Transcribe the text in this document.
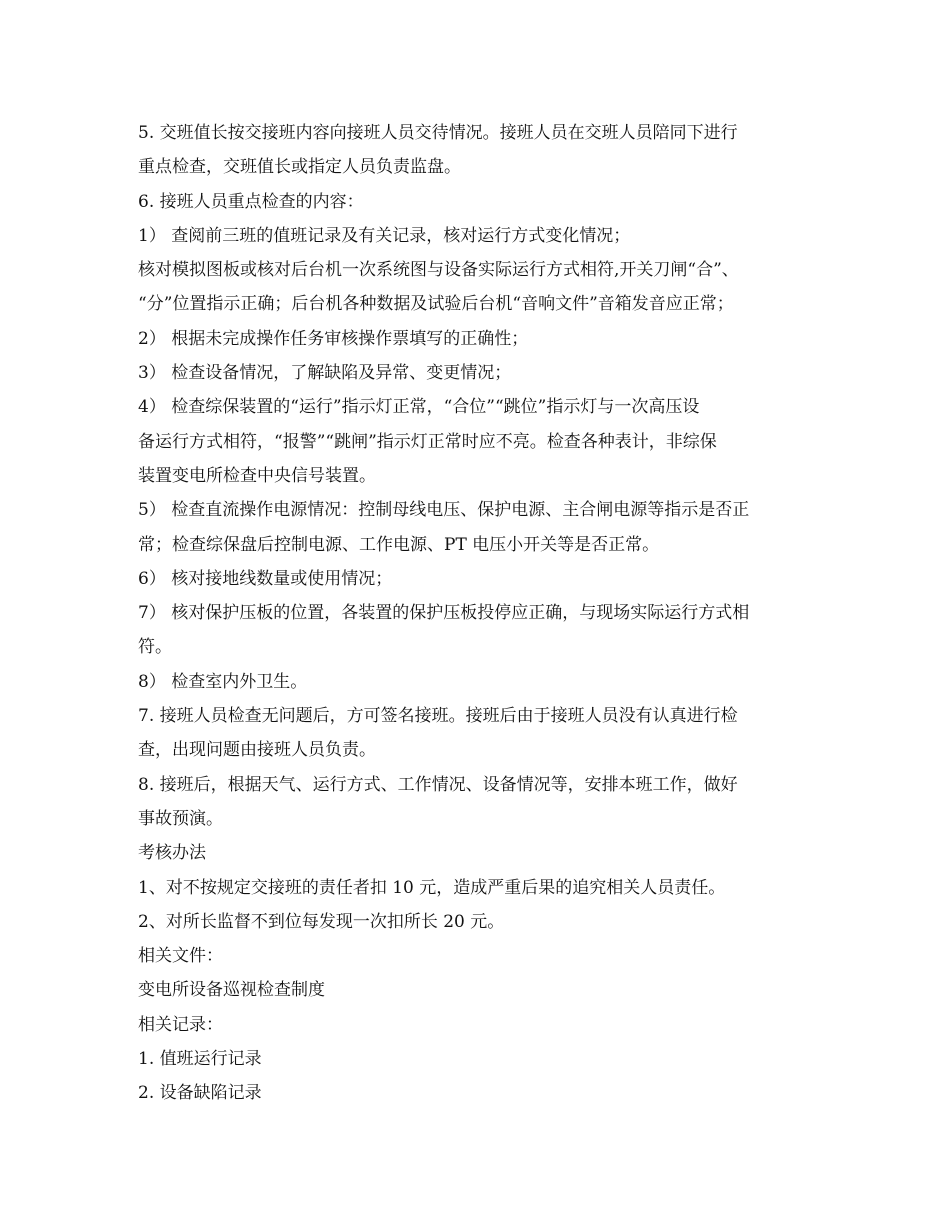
5. 交班值长按交接班内容向接班人员交待情况。接班人员在交班人员陪同下进行
重点检查，交班值长或指定人员负责监盘。
6. 接班人员重点检查的内容：
1） 查阅前三班的值班记录及有关记录，核对运行方式变化情况；
核对模拟图板或核对后台机一次系统图与设备实际运行方式相符,开关刀闸“合”、
“分”位置指示正确；后台机各种数据及试验后台机“音响文件”音箱发音应正常；
2） 根据未完成操作任务审核操作票填写的正确性；
3） 检查设备情况，了解缺陷及异常、变更情况；
4） 检查综保装置的“运行”指示灯正常，“合位”“跳位”指示灯与一次高压设
备运行方式相符，“报警”“跳闸”指示灯正常时应不亮。检查各种表计，非综保
装置变电所检查中央信号装置。
5） 检查直流操作电源情况：控制母线电压、保护电源、主合闸电源等指示是否正
常；检查综保盘后控制电源、工作电源、PT 电压小开关等是否正常。
6） 核对接地线数量或使用情况；
7） 核对保护压板的位置，各装置的保护压板投停应正确，与现场实际运行方式相
符。
8） 检查室内外卫生。
7. 接班人员检查无问题后，方可签名接班。接班后由于接班人员没有认真进行检
查，出现问题由接班人员负责。
8. 接班后，根据天气、运行方式、工作情况、设备情况等，安排本班工作，做好
事故预演。
考核办法
1、对不按规定交接班的责任者扣 10 元，造成严重后果的追究相关人员责任。
2、对所长监督不到位每发现一次扣所长 20 元。
相关文件：
变电所设备巡视检查制度
相关记录：
1. 值班运行记录
2. 设备缺陷记录
